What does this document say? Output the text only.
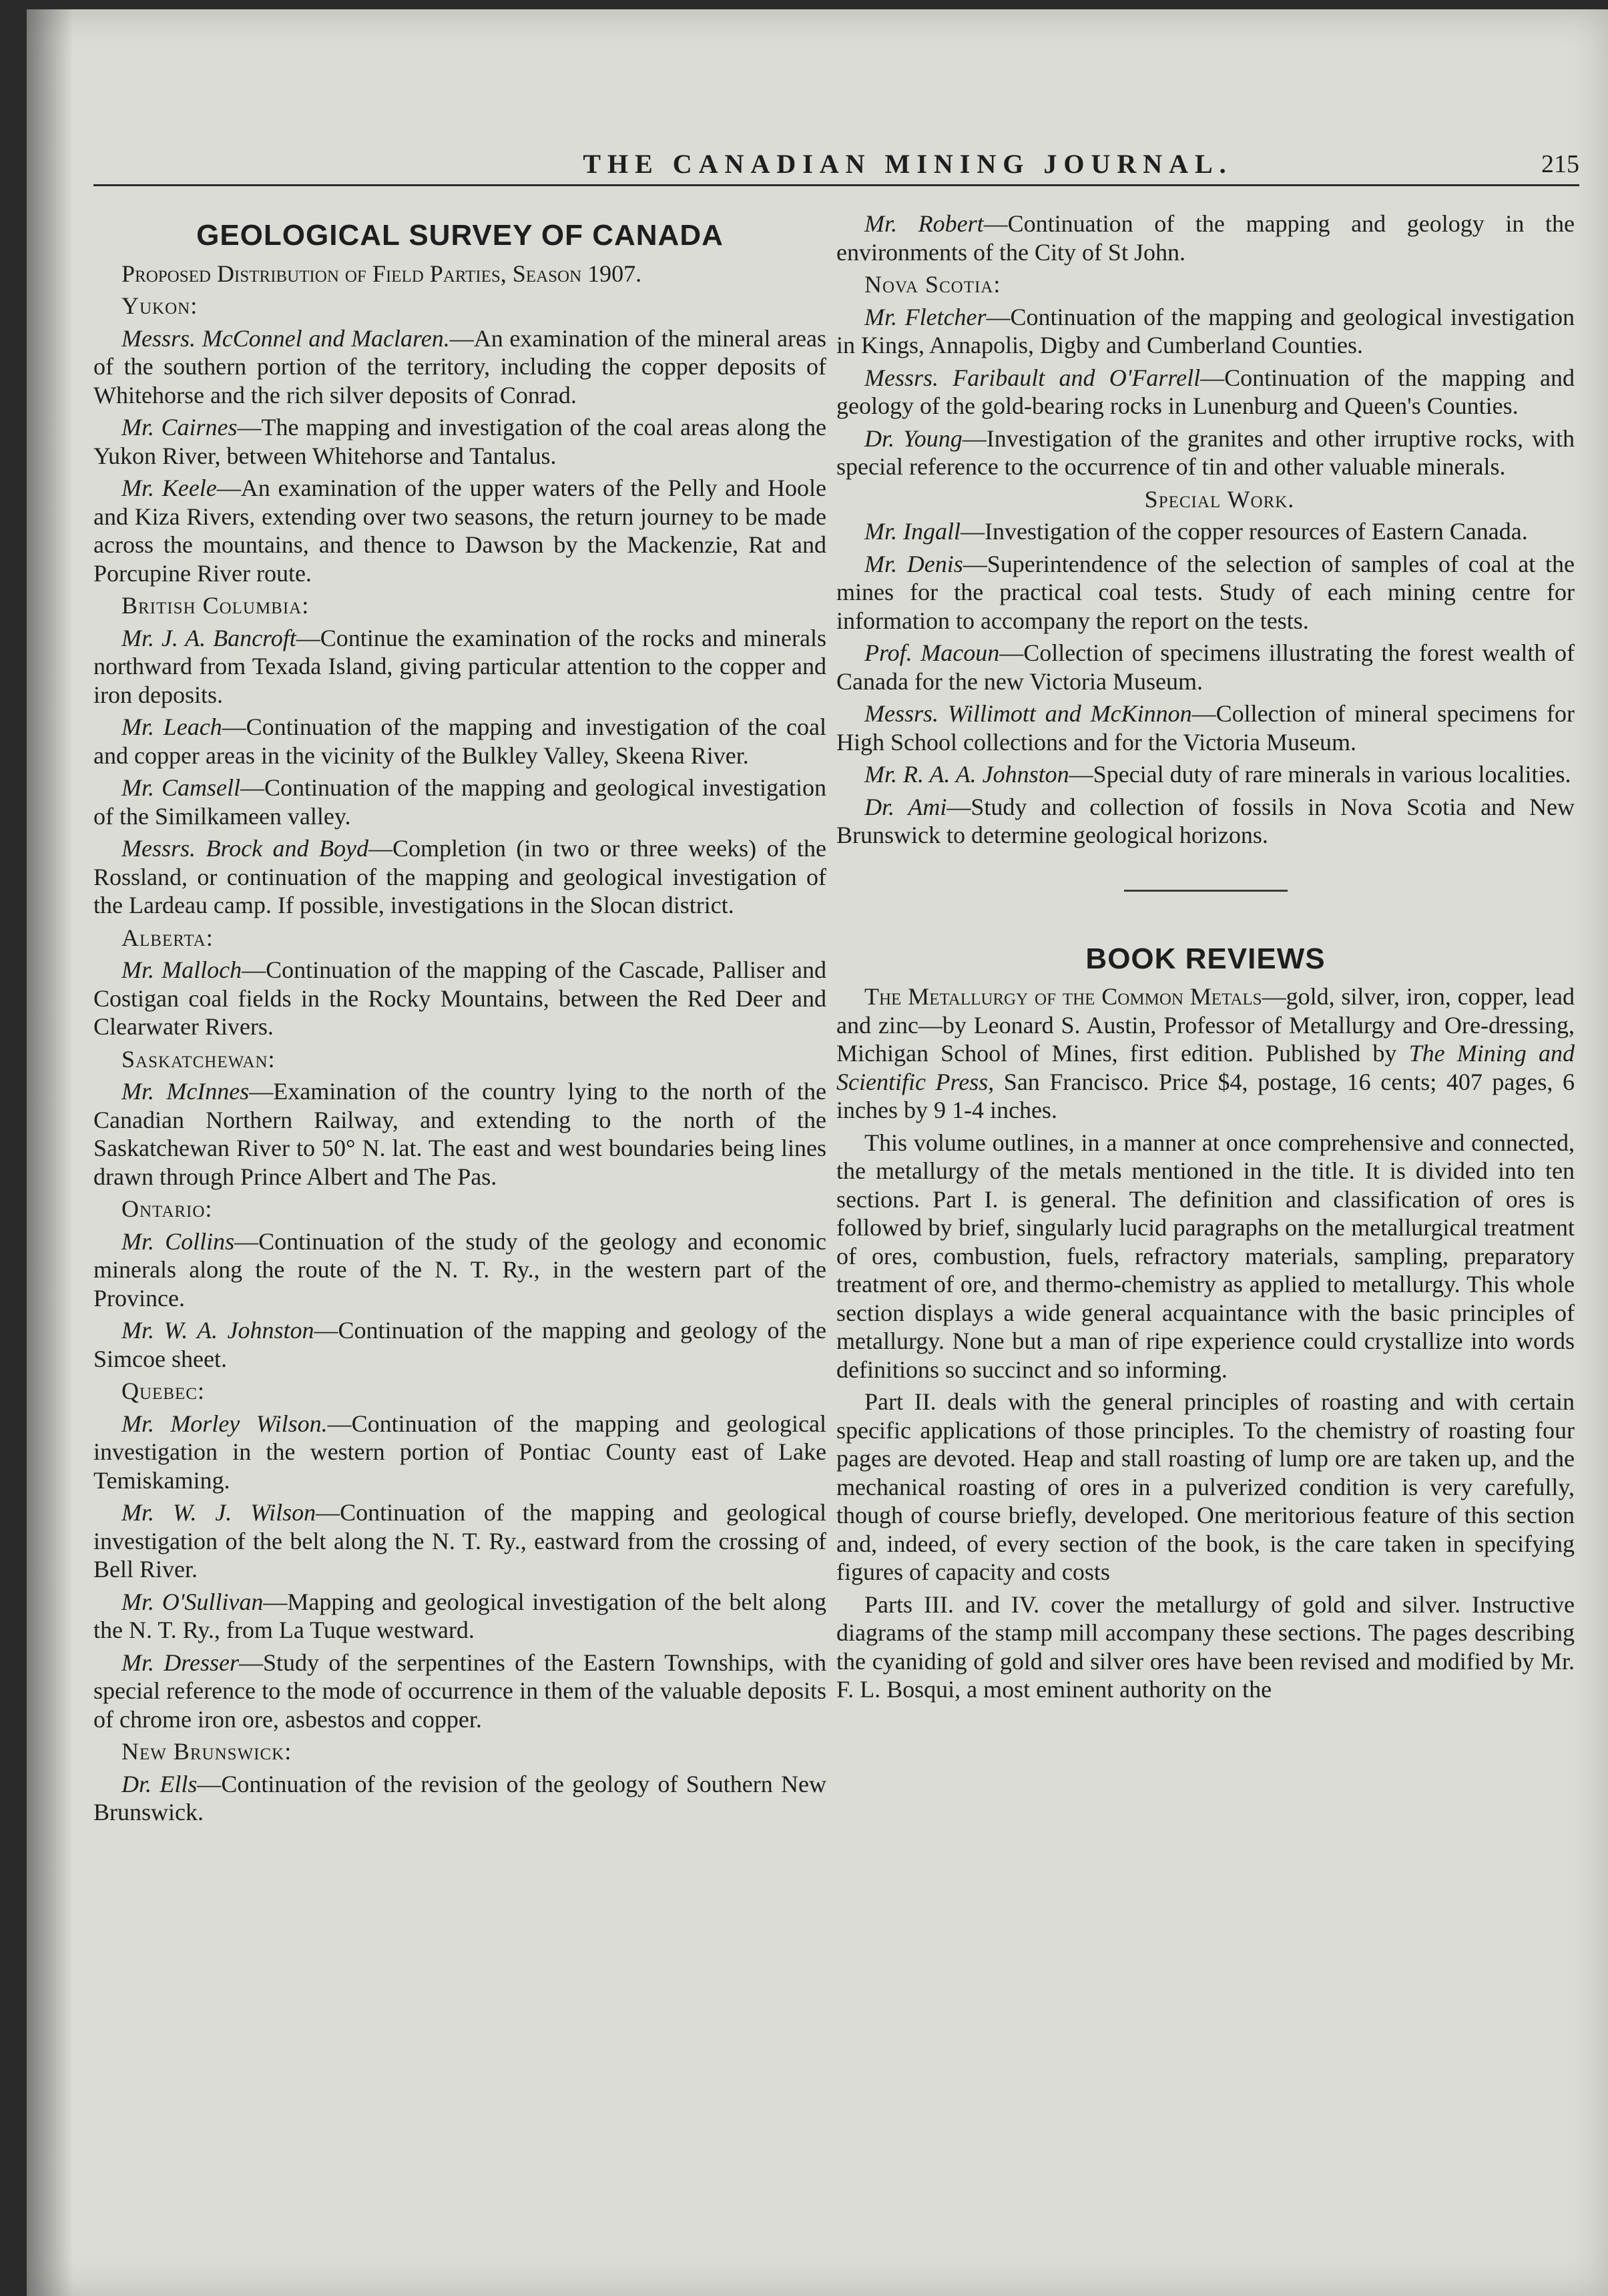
THE CANADIAN MINING JOURNAL.	215
GEOLOGICAL SURVEY OF CANADA

Proposed Distribution of Field Parties, Season 1907.

Yukon:

Messrs. McConnel and Maclaren.—An examination of the mineral areas of the southern portion of the territory, including the copper deposits of Whitehorse and the rich silver deposits of Conrad.

Mr. Cairnes—The mapping and investigation of the coal areas along the Yukon River, between Whitehorse and Tantalus.

Mr. Keele—An examination of the upper waters of the Pelly and Hoole and Kiza Rivers, extending over two seasons, the return journey to be made across the mountains, and thence to Dawson by the Mackenzie, Rat and Porcupine River route.

British Columbia:

Mr. J. A. Bancroft—Continue the examination of the rocks and minerals northward from Texada Island, giving particular attention to the copper and iron deposits.

Mr. Leach—Continuation of the mapping and investigation of the coal and copper areas in the vicinity of the Bulkley Valley, Skeena River.

Mr. Camsell—Continuation of the mapping and geological investigation of the Similkameen valley.

Messrs. Brock and Boyd—Completion (in two or three weeks) of the Rossland, or continuation of the mapping and geological investigation of the Lardeau camp. If possible, investigations in the Slocan district.

Alberta:

Mr. Malloch—Continuation of the mapping of the Cascade, Palliser and Costigan coal fields in the Rocky Mountains, between the Red Deer and Clearwater Rivers.

Saskatchewan:

Mr. McInnes—Examination of the country lying to the north of the Canadian Northern Railway, and extending to the north of the Saskatchewan River to 50° N. lat. The east and west boundaries being lines drawn through Prince Albert and The Pas.

Ontario:

Mr. Collins—Continuation of the study of the geology and economic minerals along the route of the N. T. Ry., in the western part of the Province.

Mr. W. A. Johnston—Continuation of the mapping and geology of the Simcoe sheet.

Quebec:

Mr. Morley Wilson.—Continuation of the mapping and geological investigation in the western portion of Pontiac County east of Lake Temiskaming.

Mr. W. J. Wilson—Continuation of the mapping and geological investigation of the belt along the N. T. Ry., eastward from the crossing of Bell River.

Mr. O'Sullivan—Mapping and geological investigation of the belt along the N. T. Ry., from La Tuque westward.

Mr. Dresser—Study of the serpentines of the Eastern Townships, with special reference to the mode of occurrence in them of the valuable deposits of chrome iron ore, asbestos and copper.

New Brunswick:

Dr. Ells—Continuation of the revision of the geology of Southern New Brunswick.

Mr. Robert—Continuation of the mapping and geology in the environments of the City of St John.

Nova Scotia:

Mr. Fletcher—Continuation of the mapping and geological investigation in Kings, Annapolis, Digby and Cumberland Counties.

Messrs. Faribault and O'Farrell—Continuation of the mapping and geology of the gold-bearing rocks in Lunenburg and Queen's Counties.

Dr. Young—Investigation of the granites and other irruptive rocks, with special reference to the occurrence of tin and other valuable minerals.

Special Work.

Mr. Ingall—Investigation of the copper resources of Eastern Canada.

Mr. Denis—Superintendence of the selection of samples of coal at the mines for the practical coal tests. Study of each mining centre for information to accompany the report on the tests.

Prof. Macoun—Collection of specimens illustrating the forest wealth of Canada for the new Victoria Museum.

Messrs. Willimott and McKinnon—Collection of mineral specimens for High School collections and for the Victoria Museum.

Mr. R. A. A. Johnston—Special duty of rare minerals in various localities.

Dr. Ami—Study and collection of fossils in Nova Scotia and New Brunswick to determine geological horizons.

BOOK REVIEWS

The Metallurgy of the Common Metals—gold, silver, iron, copper, lead and zinc—by Leonard S. Austin, Professor of Metallurgy and Ore-dressing, Michigan School of Mines, first edition. Published by The Mining and Scientific Press, San Francisco. Price $4, postage, 16 cents; 407 pages, 6 inches by 9 1-4 inches.

This volume outlines, in a manner at once comprehensive and connected, the metallurgy of the metals mentioned in the title. It is divided into ten sections. Part I. is general. The definition and classification of ores is followed by brief, singularly lucid paragraphs on the metallurgical treatment of ores, combustion, fuels, refractory materials, sampling, preparatory treatment of ore, and thermo-chemistry as applied to metallurgy. This whole section displays a wide general acquaintance with the basic principles of metallurgy. None but a man of ripe experience could crystallize into words definitions so succinct and so informing.

Part II. deals with the general principles of roasting and with certain specific applications of those principles. To the chemistry of roasting four pages are devoted. Heap and stall roasting of lump ore are taken up, and the mechanical roasting of ores in a pulverized condition is very carefully, though of course briefly, developed. One meritorious feature of this section and, indeed, of every section of the book, is the care taken in specifying figures of capacity and costs

Parts III. and IV. cover the metallurgy of gold and silver. Instructive diagrams of the stamp mill accompany these sections. The pages describing the cyaniding of gold and silver ores have been revised and modified by Mr. F. L. Bosqui, a most eminent authority on the
